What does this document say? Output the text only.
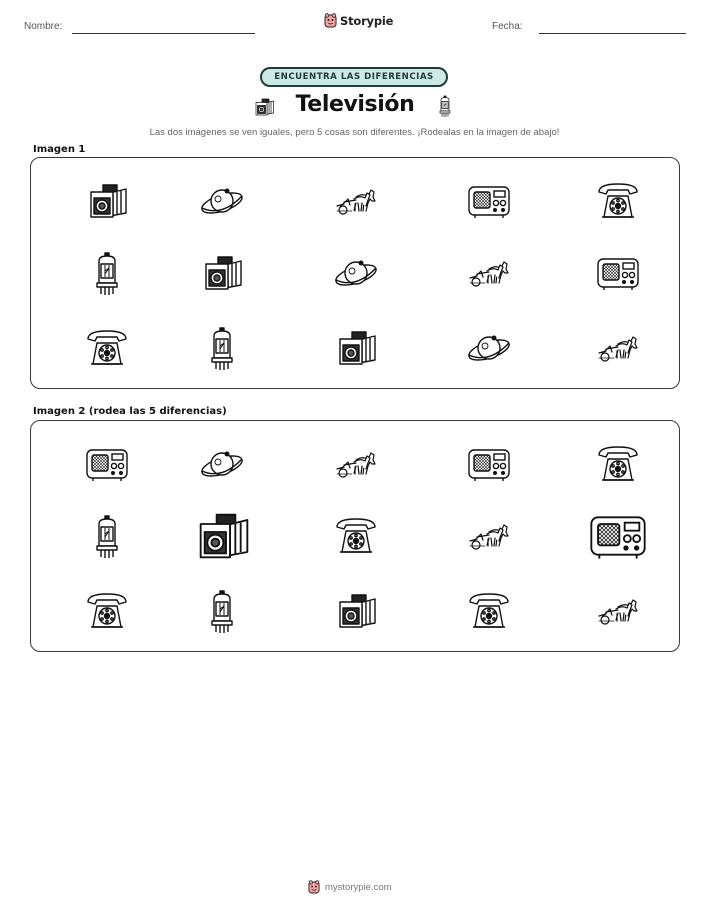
Nombre:	Storypie	Fecha:
ENCUENTRA LAS DIFERENCIAS
Televisión
Las dos imágenes se ven iguales, pero 5 cosas son diferentes. ¡Rodealas en la imagen de abajo!
Imagen 1
Imagen 2 (rodea las 5 diferencias)
mystorypie.com
